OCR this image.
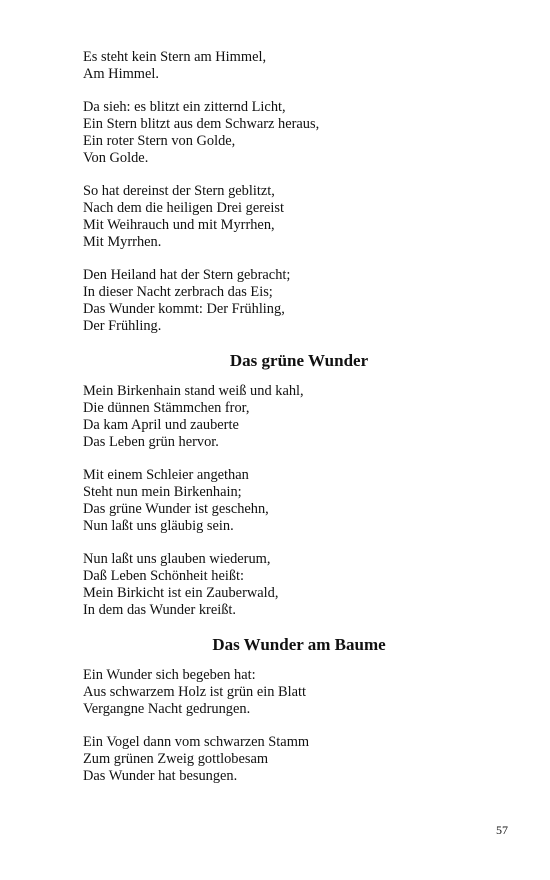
Es steht kein Stern am Himmel,
Am Himmel.
Da sieh: es blitzt ein zitternd Licht,
Ein Stern blitzt aus dem Schwarz heraus,
Ein roter Stern von Golde,
Von Golde.
So hat dereinst der Stern geblitzt,
Nach dem die heiligen Drei gereist
Mit Weihrauch und mit Myrrhen,
Mit Myrrhen.
Den Heiland hat der Stern gebracht;
In dieser Nacht zerbrach das Eis;
Das Wunder kommt: Der Frühling,
Der Frühling.
Das grüne Wunder
Mein Birkenhain stand weiß und kahl,
Die dünnen Stämmchen fror,
Da kam April und zauberte
Das Leben grün hervor.
Mit einem Schleier angethan
Steht nun mein Birkenhain;
Das grüne Wunder ist geschehn,
Nun laßt uns gläubig sein.
Nun laßt uns glauben wiederum,
Daß Leben Schönheit heißt:
Mein Birkicht ist ein Zauberwald,
In dem das Wunder kreißt.
Das Wunder am Baume
Ein Wunder sich begeben hat:
Aus schwarzem Holz ist grün ein Blatt
Vergangne Nacht gedrungen.
Ein Vogel dann vom schwarzen Stamm
Zum grünen Zweig gottlobesam
Das Wunder hat besungen.
57
